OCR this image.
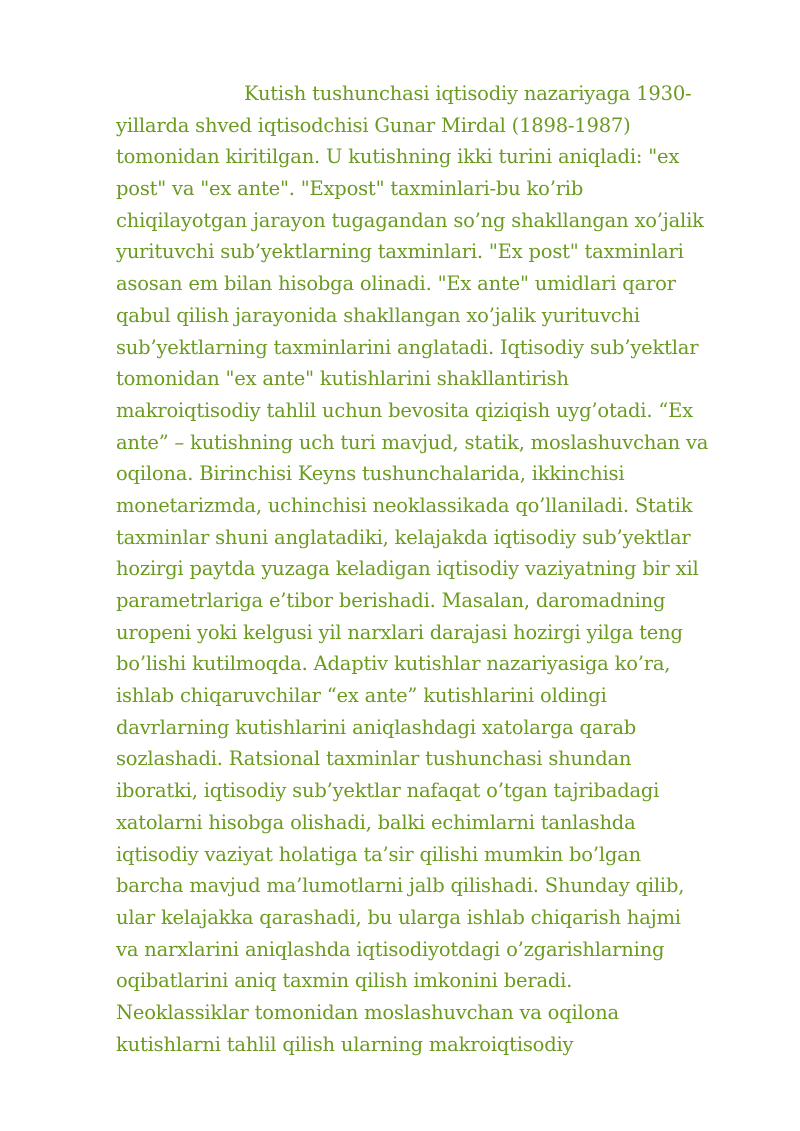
Kutish tushunchasi iqtisodiy nazariyaga 1930-
yillarda shved iqtisodchisi Gunar Mirdal (1898-1987)
tomonidan kiritilgan. U kutishning ikki turini aniqladi: "ex
post" va "ex ante". "Expost" taxminlari-bu ko’rib
chiqilayotgan jarayon tugagandan so’ng shakllangan xo’jalik
yurituvchi sub’yektlarning taxminlari. "Ex post" taxminlari
asosan em bilan hisobga olinadi. "Ex ante" umidlari qaror
qabul qilish jarayonida shakllangan xo’jalik yurituvchi
sub’yektlarning taxminlarini anglatadi. Iqtisodiy sub’yektlar
tomonidan "ex ante" kutishlarini shakllantirish
makroiqtisodiy tahlil uchun bevosita qiziqish uyg’otadi. “Ex
ante” – kutishning uch turi mavjud, statik, moslashuvchan va
oqilona. Birinchisi Keyns tushunchalarida, ikkinchisi
monetarizmda, uchinchisi neoklassikada qo’llaniladi. Statik
taxminlar shuni anglatadiki, kelajakda iqtisodiy sub’yektlar
hozirgi paytda yuzaga keladigan iqtisodiy vaziyatning bir xil
parametrlariga e’tibor berishadi. Masalan, daromadning
uropeni yoki kelgusi yil narxlari darajasi hozirgi yilga teng
bo’lishi kutilmoqda. Adaptiv kutishlar nazariyasiga ko’ra,
ishlab chiqaruvchilar “ex ante” kutishlarini oldingi
davrlarning kutishlarini aniqlashdagi xatolarga qarab
sozlashadi. Ratsional taxminlar tushunchasi shundan
iboratki, iqtisodiy sub’yektlar nafaqat o’tgan tajribadagi
xatolarni hisobga olishadi, balki echimlarni tanlashda
iqtisodiy vaziyat holatiga ta’sir qilishi mumkin bo’lgan
barcha mavjud ma’lumotlarni jalb qilishadi. Shunday qilib,
ular kelajakka qarashadi, bu ularga ishlab chiqarish hajmi
va narxlarini aniqlashda iqtisodiyotdagi o’zgarishlarning
oqibatlarini aniq taxmin qilish imkonini beradi.
Neoklassiklar tomonidan moslashuvchan va oqilona
kutishlarni tahlil qilish ularning makroiqtisodiy
